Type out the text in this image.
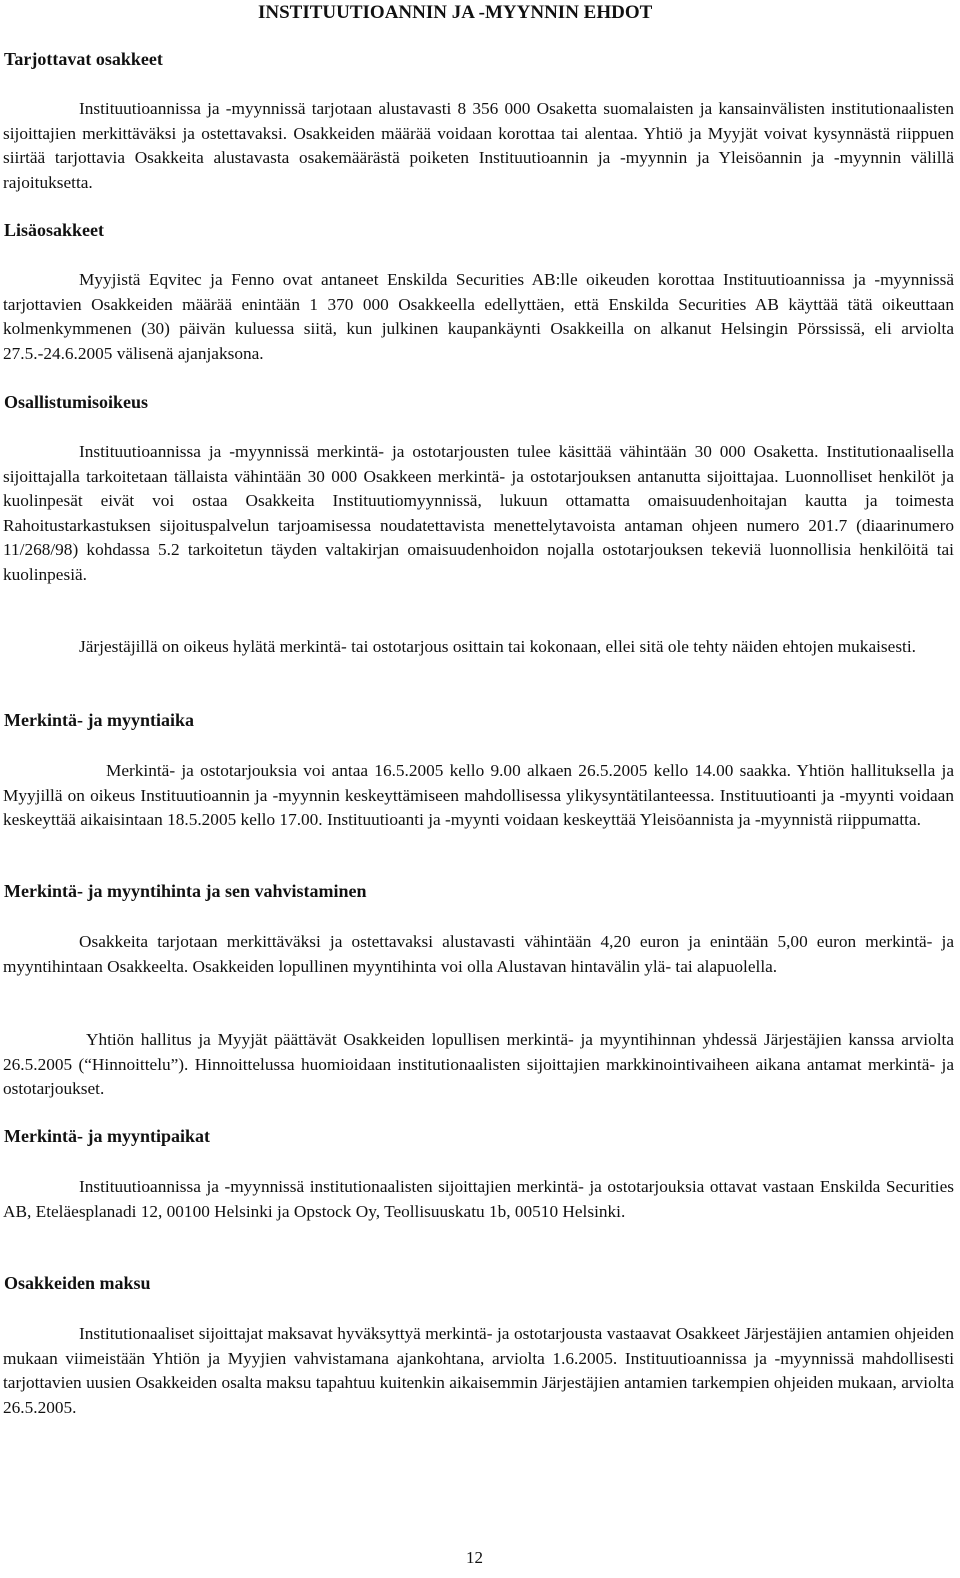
INSTITUUTIOANNIN JA -MYYNNIN EHDOT
Tarjottavat osakkeet

Instituutioannissa ja -myynnissä tarjotaan alustavasti 8 356 000 Osaketta suomalaisten ja kansainvälisten institutionaalisten sijoittajien merkittäväksi ja ostettavaksi. Osakkeiden määrää voidaan korottaa tai alentaa. Yhtiö ja Myyjät voivat kysynnästä riippuen siirtää tarjottavia Osakkeita alustavasta osakemäärästä poiketen Instituutioannin ja -myynnin ja Yleisöannin ja -myynnin välillä rajoituksetta.

Lisäosakkeet

Myyjistä Eqvitec ja Fenno ovat antaneet Enskilda Securities AB:lle oikeuden korottaa Instituutioannissa ja -myynnissä tarjottavien Osakkeiden määrää enintään 1 370 000 Osakkeella edellyttäen, että Enskilda Securities AB käyttää tätä oikeuttaan kolmenkymmenen (30) päivän kuluessa siitä, kun julkinen kaupankäynti Osakkeilla on alkanut Helsingin Pörssissä, eli arviolta 27.5.-24.6.2005 välisenä ajanjaksona.

Osallistumisoikeus

Instituutioannissa ja -myynnissä merkintä- ja ostotarjousten tulee käsittää vähintään 30 000 Osaketta. Institutionaalisella sijoittajalla tarkoitetaan tällaista vähintään 30 000 Osakkeen merkintä- ja ostotarjouksen antanutta sijoittajaa. Luonnolliset henkilöt ja kuolinpesät eivät voi ostaa Osakkeita Instituutiomyynnissä, lukuun ottamatta omaisuudenhoitajan kautta ja toimesta Rahoitustarkastuksen sijoituspalvelun tarjoamisessa noudatettavista menettelytavoista antaman ohjeen numero 201.7 (diaarinumero 11/268/98) kohdassa 5.2 tarkoitetun täyden valtakirjan omaisuudenhoidon nojalla ostotarjouksen tekeviä luonnollisia henkilöitä tai kuolinpesiä.

Järjestäjillä on oikeus hylätä merkintä- tai ostotarjous osittain tai kokonaan, ellei sitä ole tehty näiden ehtojen mukaisesti.

Merkintä- ja myyntiaika

Merkintä- ja ostotarjouksia voi antaa 16.5.2005 kello 9.00 alkaen 26.5.2005 kello 14.00 saakka. Yhtiön hallituksella ja Myyjillä on oikeus Instituutioannin ja -myynnin keskeyttämiseen mahdollisessa ylikysyntätilanteessa. Instituutioanti ja -myynti voidaan keskeyttää aikaisintaan 18.5.2005 kello 17.00. Instituutioanti ja -myynti voidaan keskeyttää Yleisöannista ja -myynnistä riippumatta.

Merkintä- ja myyntihinta ja sen vahvistaminen

Osakkeita tarjotaan merkittäväksi ja ostettavaksi alustavasti vähintään 4,20 euron ja enintään 5,00 euron merkintä- ja myyntihintaan Osakkeelta. Osakkeiden lopullinen myyntihinta voi olla Alustavan hintavälin ylä- tai alapuolella.

Yhtiön hallitus ja Myyjät päättävät Osakkeiden lopullisen merkintä- ja myyntihinnan yhdessä Järjestäjien kanssa arviolta 26.5.2005 (“Hinnoittelu”). Hinnoittelussa huomioidaan institutionaalisten sijoittajien markkinointivaiheen aikana antamat merkintä- ja ostotarjoukset.

Merkintä- ja myyntipaikat

Instituutioannissa ja -myynnissä institutionaalisten sijoittajien merkintä- ja ostotarjouksia ottavat vastaan Enskilda Securities AB, Eteläesplanadi 12, 00100 Helsinki ja Opstock Oy, Teollisuuskatu 1b, 00510 Helsinki.

Osakkeiden maksu

Institutionaaliset sijoittajat maksavat hyväksyttyä merkintä- ja ostotarjousta vastaavat Osakkeet Järjestäjien antamien ohjeiden mukaan viimeistään Yhtiön ja Myyjien vahvistamana ajankohtana, arviolta 1.6.2005. Instituutioannissa ja -myynnissä mahdollisesti tarjottavien uusien Osakkeiden osalta maksu tapahtuu kuitenkin aikaisemmin Järjestäjien antamien tarkempien ohjeiden mukaan, arviolta 26.5.2005.

12
